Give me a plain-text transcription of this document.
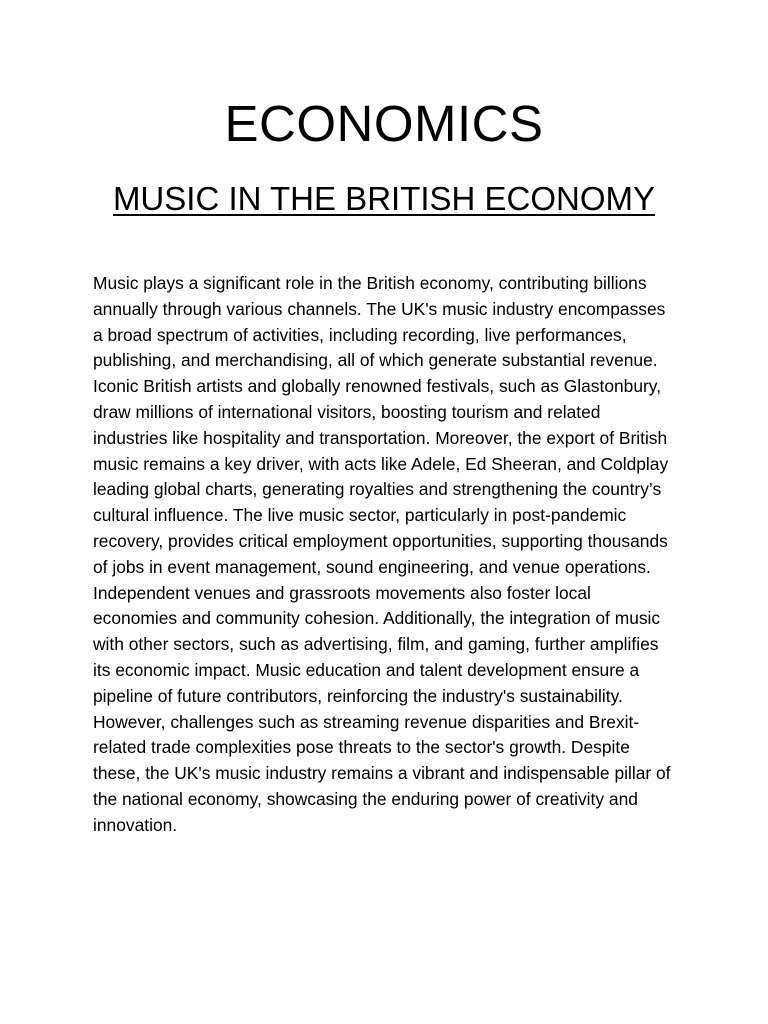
ECONOMICS
MUSIC IN THE BRITISH ECONOMY

Music plays a significant role in the British economy, contributing billions annually through various channels. The UK's music industry encompasses a broad spectrum of activities, including recording, live performances, publishing, and merchandising, all of which generate substantial revenue. Iconic British artists and globally renowned festivals, such as Glastonbury, draw millions of international visitors, boosting tourism and related industries like hospitality and transportation. Moreover, the export of British music remains a key driver, with acts like Adele, Ed Sheeran, and Coldplay leading global charts, generating royalties and strengthening the country’s cultural influence. The live music sector, particularly in post-pandemic recovery, provides critical employment opportunities, supporting thousands of jobs in event management, sound engineering, and venue operations. Independent venues and grassroots movements also foster local economies and community cohesion. Additionally, the integration of music with other sectors, such as advertising, film, and gaming, further amplifies its economic impact. Music education and talent development ensure a pipeline of future contributors, reinforcing the industry's sustainability. However, challenges such as streaming revenue disparities and Brexit-related trade complexities pose threats to the sector's growth. Despite these, the UK's music industry remains a vibrant and indispensable pillar of the national economy, showcasing the enduring power of creativity and innovation.
